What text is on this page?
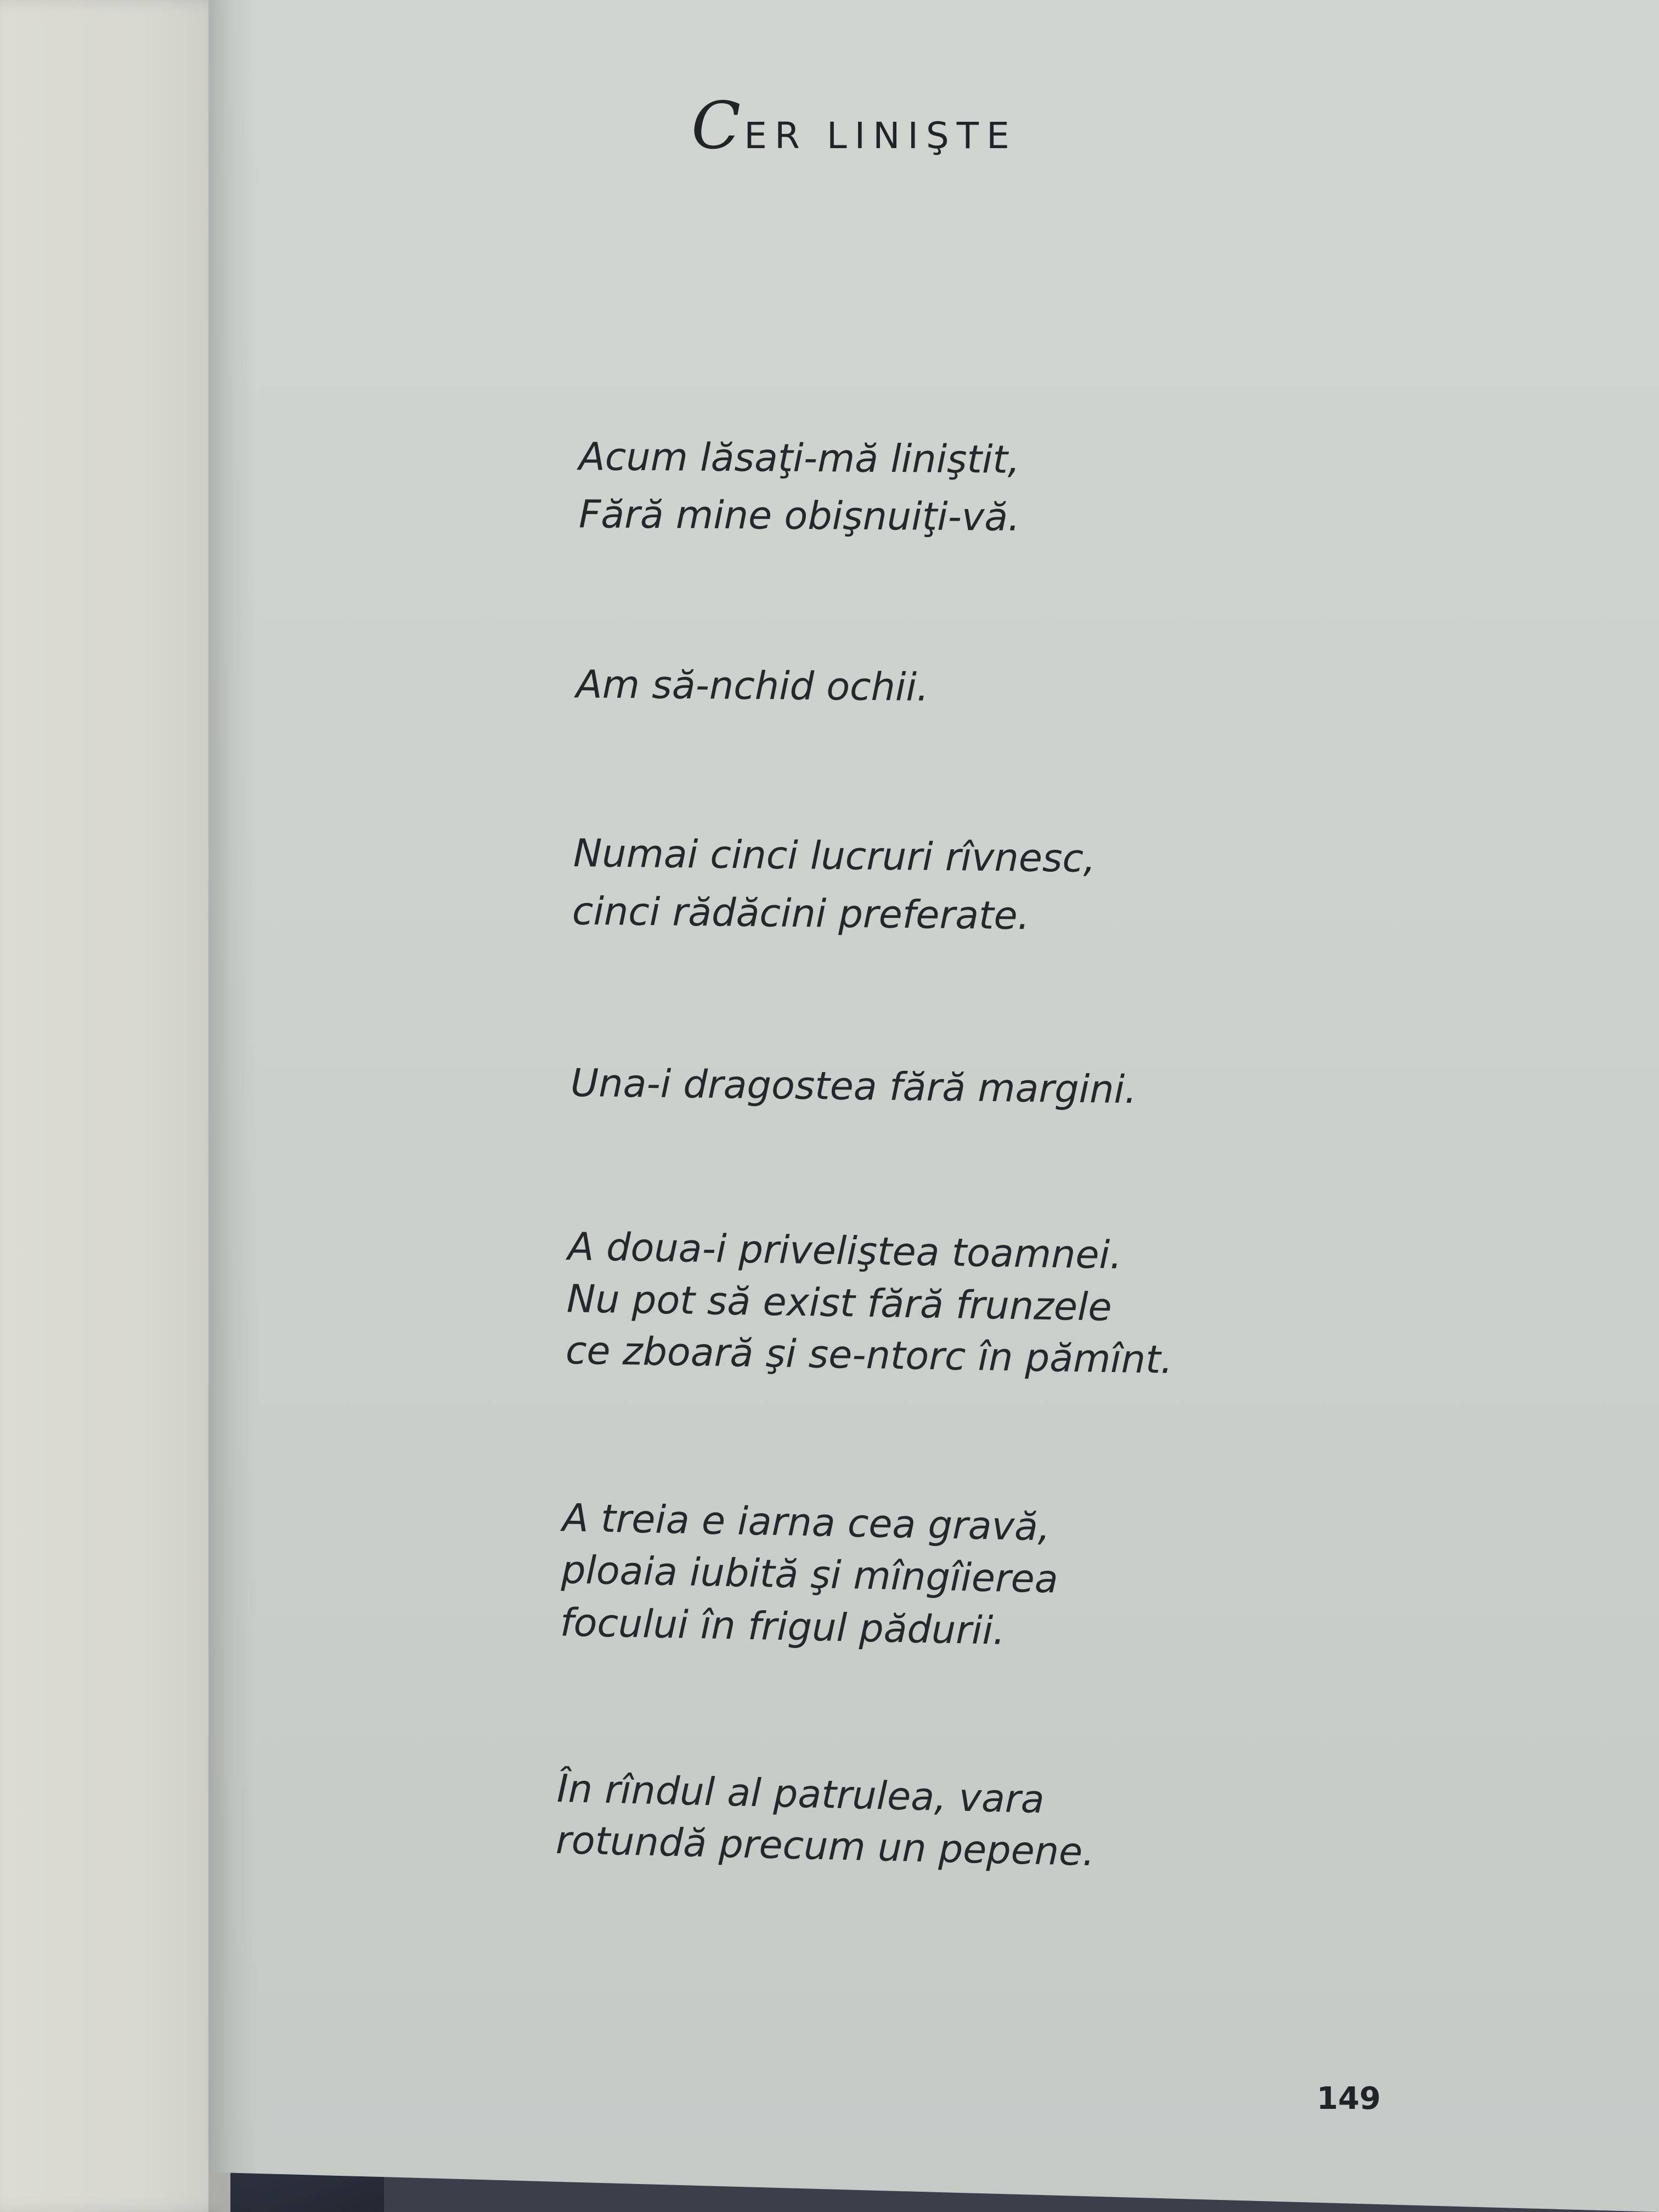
CER LINIŞTE
Acum lăsaţi-mă liniştit,
Fără mine obişnuiţi-vă.
Am să-nchid ochii.
Numai cinci lucruri rîvnesc,
cinci rădăcini preferate.
Una-i dragostea fără margini.
A doua-i priveliştea toamnei.
Nu pot să exist fără frunzele
ce zboară şi se-ntorc în pămînt.
A treia e iarna cea gravă,
ploaia iubită şi mîngîierea
focului în frigul pădurii.
În rîndul al patrulea, vara
rotundă precum un pepene.
149
